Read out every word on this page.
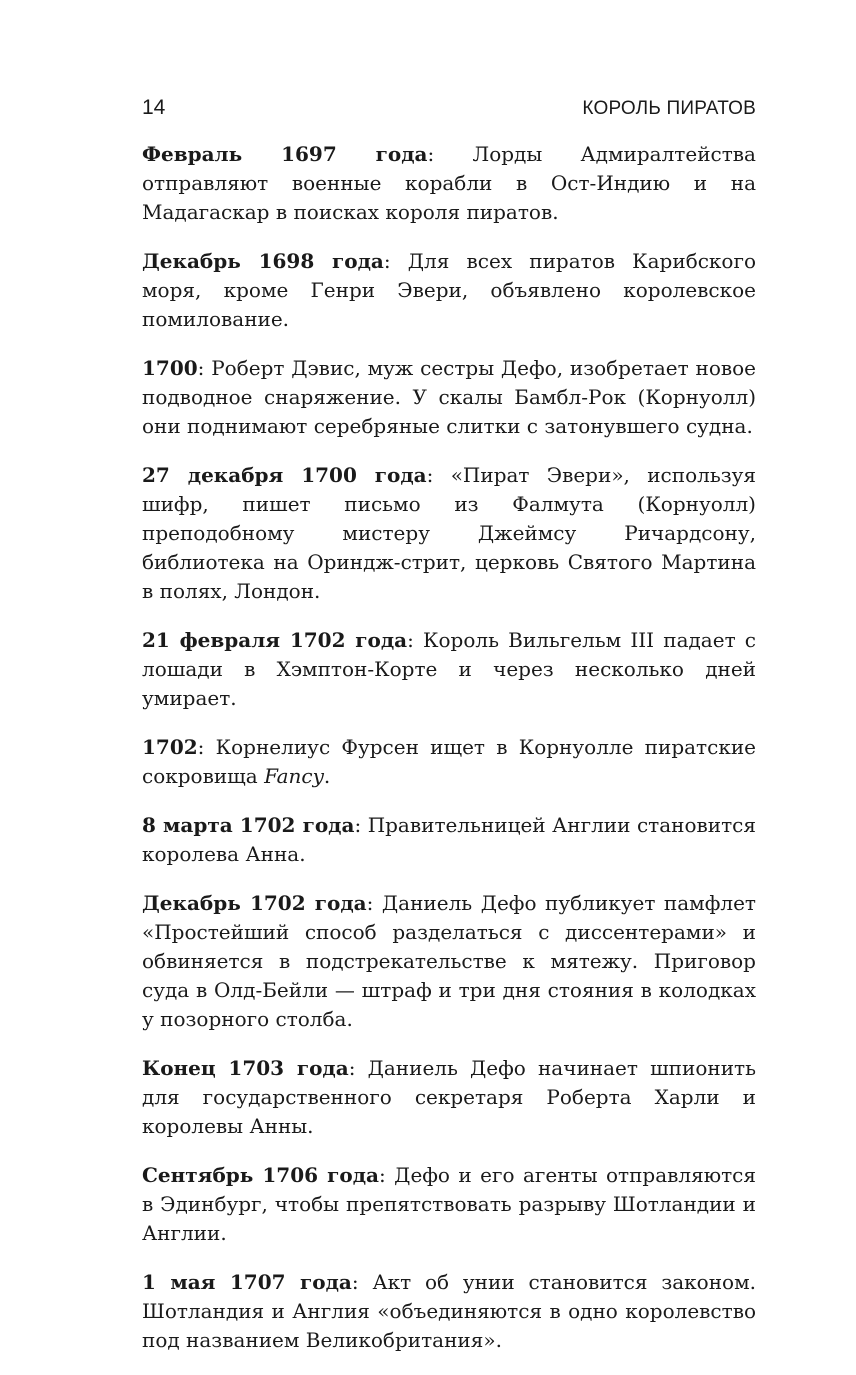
14	КОРОЛЬ ПИРАТОВ

Февраль 1697 года: Лорды Адмиралтейства отправляют военные корабли в Ост-Индию и на Мадагаскар в поисках короля пиратов.

Декабрь 1698 года: Для всех пиратов Карибского моря, кроме Генри Эвери, объявлено королевское помилование.

1700: Роберт Дэвис, муж сестры Дефо, изобретает новое подводное снаряжение. У скалы Бамбл-Рок (Корнуолл) они поднимают серебряные слитки с затонувшего судна.

27 декабря 1700 года: «Пират Эвери», используя шифр, пишет письмо из Фалмута (Корнуолл) преподобному мистеру Джеймсу Ричардсону, библиотека на Ориндж-стрит, церковь Святого Мартина в полях, Лондон.

21 февраля 1702 года: Король Вильгельм III падает с лошади в Хэмптон-Корте и через несколько дней умирает.

1702: Корнелиус Фурсен ищет в Корнуолле пиратские сокровища Fancy.

8 марта 1702 года: Правительницей Англии становится королева Анна.

Декабрь 1702 года: Даниель Дефо публикует памфлет «Простейший способ разделаться с диссентерами» и обвиняется в подстрекательстве к мятежу. Приговор суда в Олд-Бейли — штраф и три дня стояния в колодках у позорного столба.

Конец 1703 года: Даниель Дефо начинает шпионить для государственного секретаря Роберта Харли и королевы Анны.

Сентябрь 1706 года: Дефо и его агенты отправляются в Эдинбург, чтобы препятствовать разрыву Шотландии и Англии.

1 мая 1707 года: Акт об унии становится законом. Шотландия и Англия «объединяются в одно королевство под названием Великобритания».
